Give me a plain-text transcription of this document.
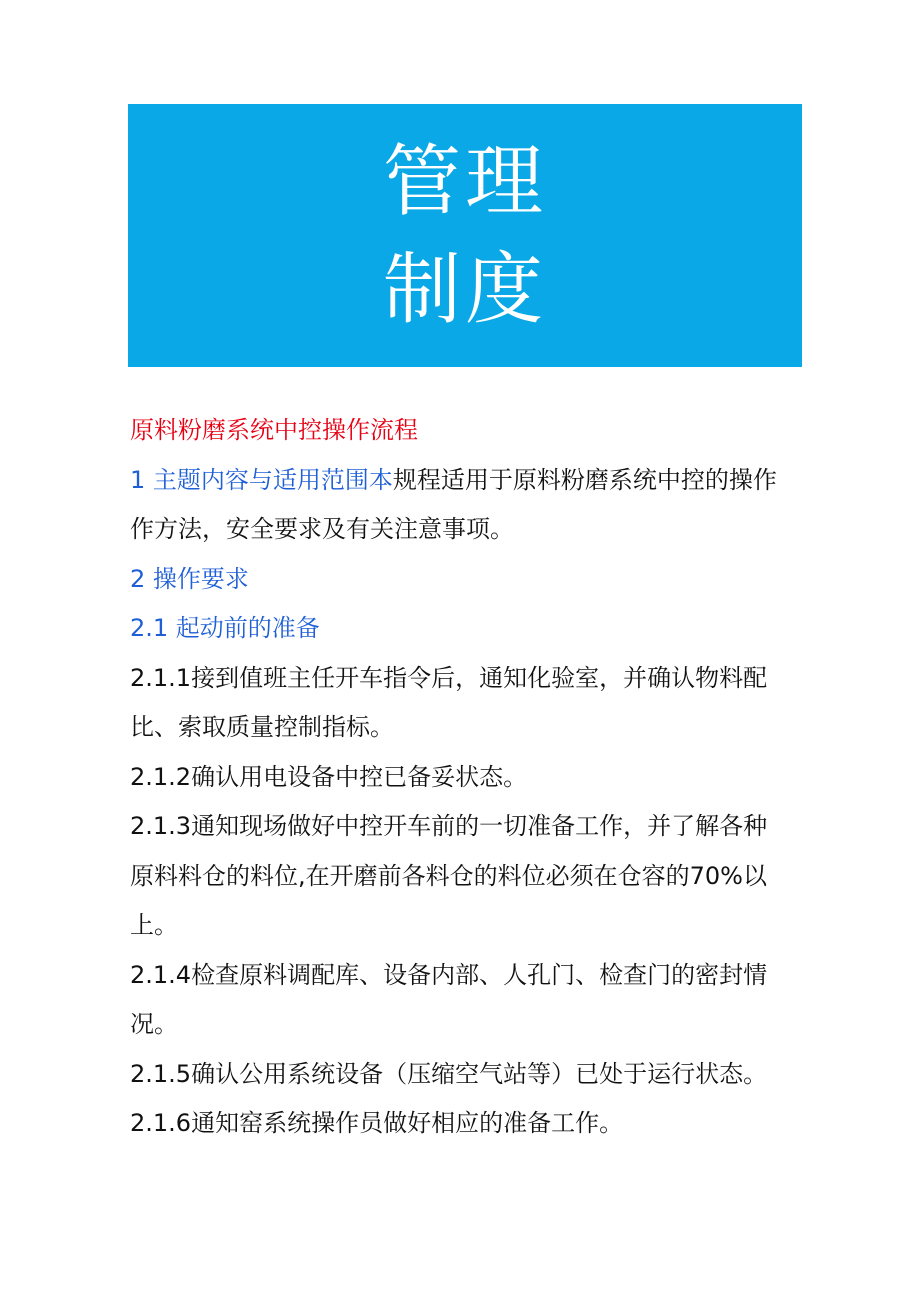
管理
制度
原料粉磨系统中控操作流程
1 主题内容与适用范围本规程适用于原料粉磨系统中控的操作
作方法，安全要求及有关注意事项。
2 操作要求
2.1 起动前的准备
2.1.1接到值班主任开车指令后，通知化验室，并确认物料配
比、索取质量控制指标。
2.1.2确认用电设备中控已备妥状态。
2.1.3通知现场做好中控开车前的一切准备工作，并了解各种
原料料仓的料位,在开磨前各料仓的料位必须在仓容的70%以
上。
2.1.4检查原料调配库、设备内部、人孔门、检查门的密封情
况。
2.1.5确认公用系统设备（压缩空气站等）已处于运行状态。
2.1.6通知窑系统操作员做好相应的准备工作。
